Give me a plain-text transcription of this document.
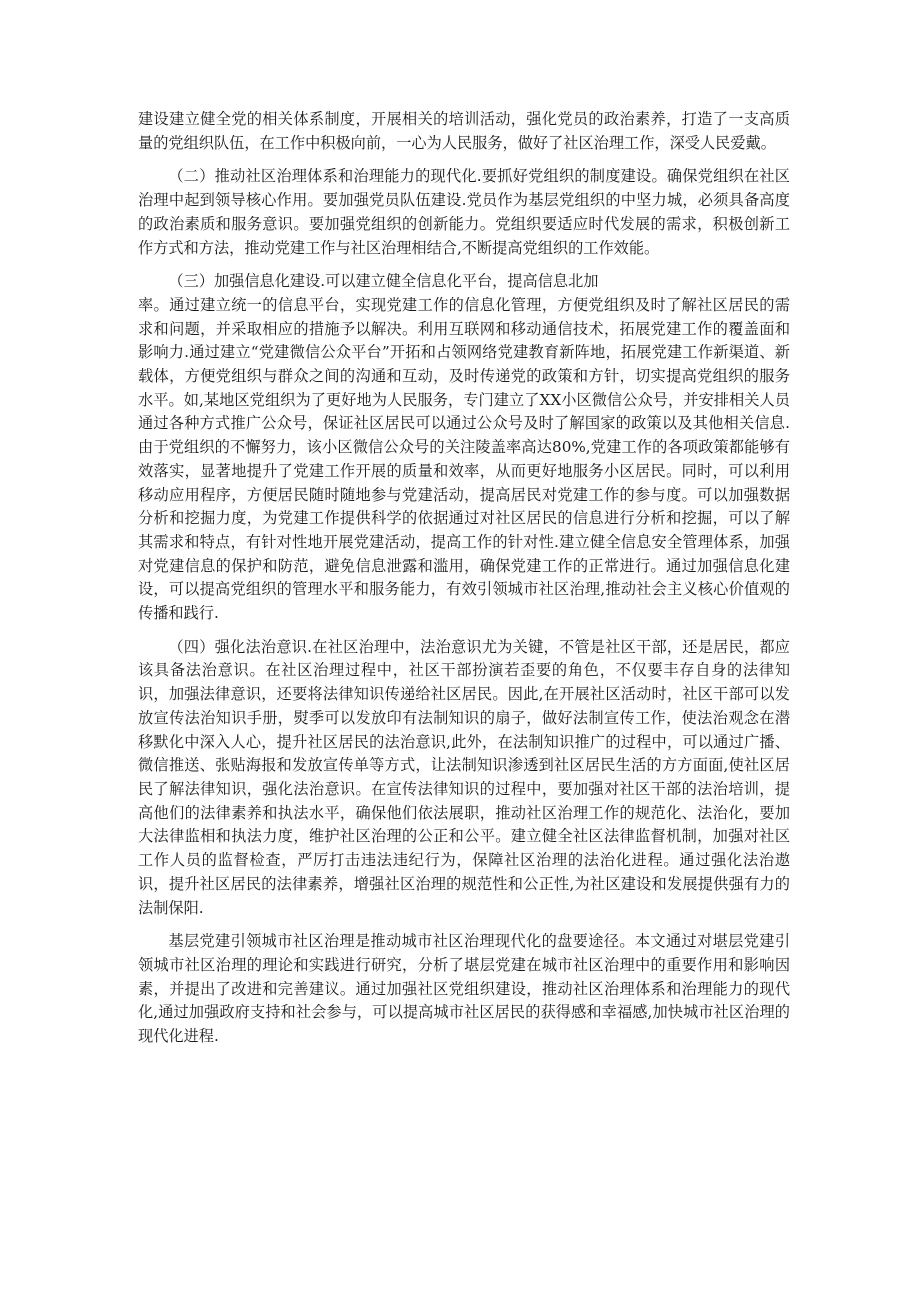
建设建立健全党的相关体系制度，开展相关的培训活动，强化党员的政治素养，打造了一支高质量的党组织队伍，在工作中积极向前，一心为人民服务，做好了社区治理工作，深受人民爱戴。

（二）推动社区治理体系和治理能力的现代化.要抓好党组织的制度建设。确保党组织在社区治理中起到领导核心作用。要加强党员队伍建设.党员作为基层党组织的中坚力城，必须具备高度的政治素质和服务意识。要加强党组织的创新能力。党组织要适应时代发展的需求，积极创新工作方式和方法，推动党建工作与社区治理相结合,不断提高党组织的工作效能。

（三）加强信息化建设.可以建立健全信息化平台，提高信息北加

率。通过建立统一的信息平台，实现党建工作的信息化管理，方便党组织及时了解社区居民的需求和问题，并采取相应的措施予以解决。利用互联网和移动通信技术，拓展党建工作的覆盖面和影响力.通过建立“党建微信公众平台”开拓和占领网络党建教育新阵地，拓展党建工作新渠道、新载体，方便党组织与群众之间的沟通和互动，及时传递党的政策和方针，切实提高党组织的服务水平。如,某地区党组织为了更好地为人民服务，专门建立了XX小区微信公众号，并安排相关人员通过各种方式推广公众号，保证社区居民可以通过公众号及时了解国家的政策以及其他相关信息.由于党组织的不懈努力，该小区微信公众号的关注陵盖率高达80%,党建工作的各项政策都能够有效落实，显著地提升了党建工作开展的质量和效率，从而更好地服务小区居民。同时，可以利用移动应用程序，方便居民随时随地参与党建活动，提高居民对党建工作的参与度。可以加强数据分析和挖掘力度，为党建工作提供科学的依据通过对社区居民的信息进行分析和挖掘，可以了解其需求和特点，有针对性地开展党建活动，提高工作的针对性.建立健全信息安全管理体系，加强对党建信息的保护和防范，避免信息泄露和滥用，确保党建工作的正常进行。通过加强信息化建设，可以提高党组织的管理水平和服务能力，有效引领城市社区治理,推动社会主义核心价值观的传播和践行.

（四）强化法治意识.在社区治理中，法治意识尤为关键，不管是社区干部，还是居民，都应该具备法治意识。在社区治理过程中，社区干部扮演若歪要的角色，不仅要丰存自身的法律知识，加强法律意识，还要将法律知识传递给社区居民。因此,在开展社区活动时，社区干部可以发放宣传法治知识手册，熨季可以发放印有法制知识的扇子，做好法制宣传工作，使法治观念在潜移默化中深入人心，提升社区居民的法治意识,此外，在法制知识推广的过程中，可以通过广播、微信推送、张贴海报和发放宣传单等方式，让法制知识渗透到社区居民生活的方方面面,使社区居民了解法律知识，强化法治意识。在宣传法律知识的过程中，要加强对社区干部的法治培训，提高他们的法律素养和执法水平，确保他们依法展职，推动社区治理工作的规范化、法治化，要加大法律监相和执法力度，维护社区治理的公正和公平。建立健全社区法律监督机制，加强对社区工作人员的监督检查，严厉打击违法违纪行为，保障社区治理的法治化进程。通过强化法治遨识，提升社区居民的法律素养，增强社区治理的规范性和公正性,为社区建设和发展提供强有力的法制保阳.

基层党建引领城市社区治理是推动城市社区治理现代化的盘要途径。本文通过对堪层党建引领城市社区治理的理论和实践进行研究，分析了堪层党建在城市社区治理中的重要作用和影响因素，并提出了改进和完善建议。通过加强社区党组织建设，推动社区治理体系和治理能力的现代化,通过加强政府支持和社会参与，可以提高城市社区居民的获得感和幸福感,加快城市社区治理的现代化进程.
